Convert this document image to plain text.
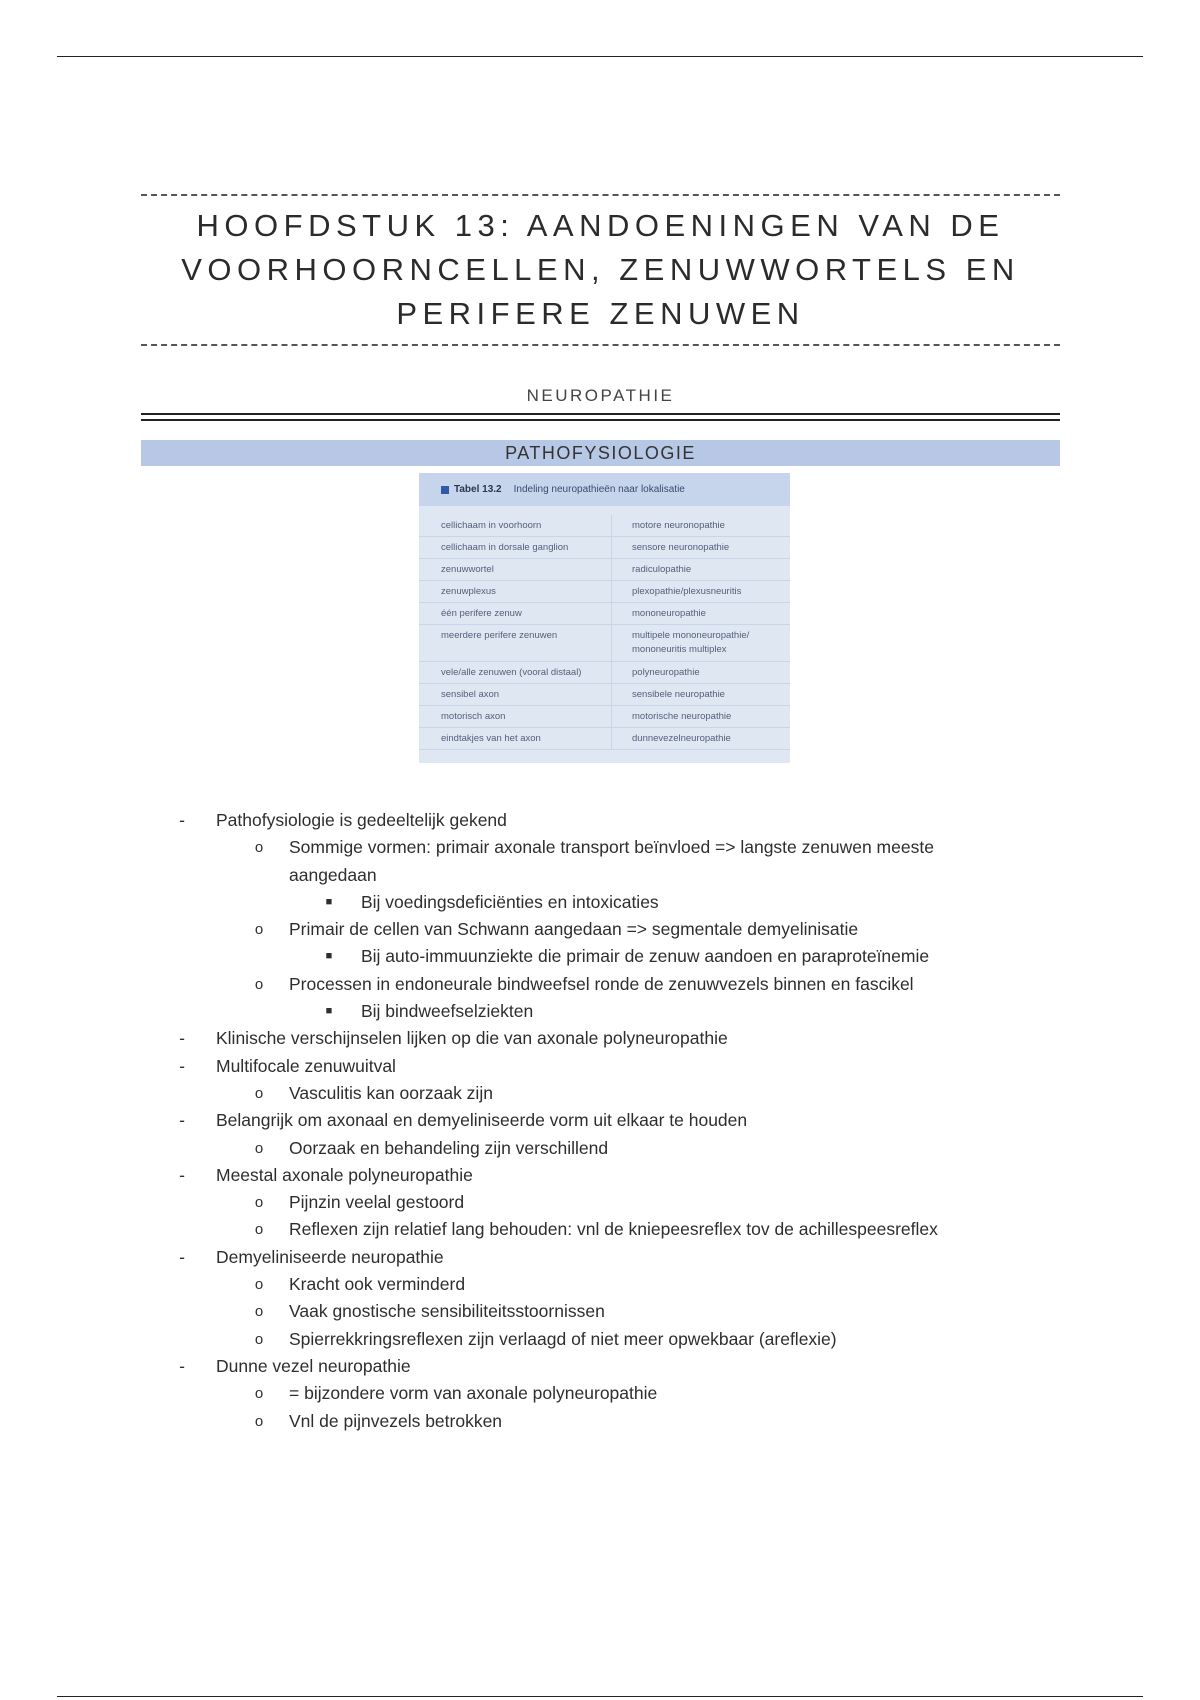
HOOFDSTUK 13: AANDOENINGEN VAN DE VOORHOORNCELLEN, ZENUWWORTELS EN PERIFERE ZENUWEN
NEUROPATHIE
PATHOFYSIOLOGIE
Tabel 13.2 Indeling neuropathieën naar lokalisatie
cellichaam in voorhoorn	motore neuronopathie
cellichaam in dorsale ganglion	sensore neuronopathie
zenuwwortel	radiculopathie
zenuwplexus	plexopathie/plexusneuritis
één perifere zenuw	mononeuropathie
meerdere perifere zenuwen	multipele mononeuropathie/ mononeuritis multiplex
vele/alle zenuwen (vooral distaal)	polyneuropathie
sensibel axon	sensibele neuropathie
motorisch axon	motorische neuropathie
eindtakjes van het axon	dunnevezelneuropathie
-	Pathofysiologie is gedeeltelijk gekend
o	Sommige vormen: primair axonale transport beïnvloed => langste zenuwen meeste
aangedaan
■	Bij voedingsdeficiënties en intoxicaties
o	Primair de cellen van Schwann aangedaan => segmentale demyelinisatie
■	Bij auto-immuunziekte die primair de zenuw aandoen en paraproteïnemie
o	Processen in endoneurale bindweefsel ronde de zenuwvezels binnen en fascikel
■	Bij bindweefselziekten
-	Klinische verschijnselen lijken op die van axonale polyneuropathie
-	Multifocale zenuwuitval
o	Vasculitis kan oorzaak zijn
-	Belangrijk om axonaal en demyeliniseerde vorm uit elkaar te houden
o	Oorzaak en behandeling zijn verschillend
-	Meestal axonale polyneuropathie
o	Pijnzin veelal gestoord
o	Reflexen zijn relatief lang behouden: vnl de kniepeesreflex tov de achillespeesreflex
-	Demyeliniseerde neuropathie
o	Kracht ook verminderd
o	Vaak gnostische sensibiliteitsstoornissen
o	Spierrekkringsreflexen zijn verlaagd of niet meer opwekbaar (areflexie)
-	Dunne vezel neuropathie
o	= bijzondere vorm van axonale polyneuropathie
o	Vnl de pijnvezels betrokken
